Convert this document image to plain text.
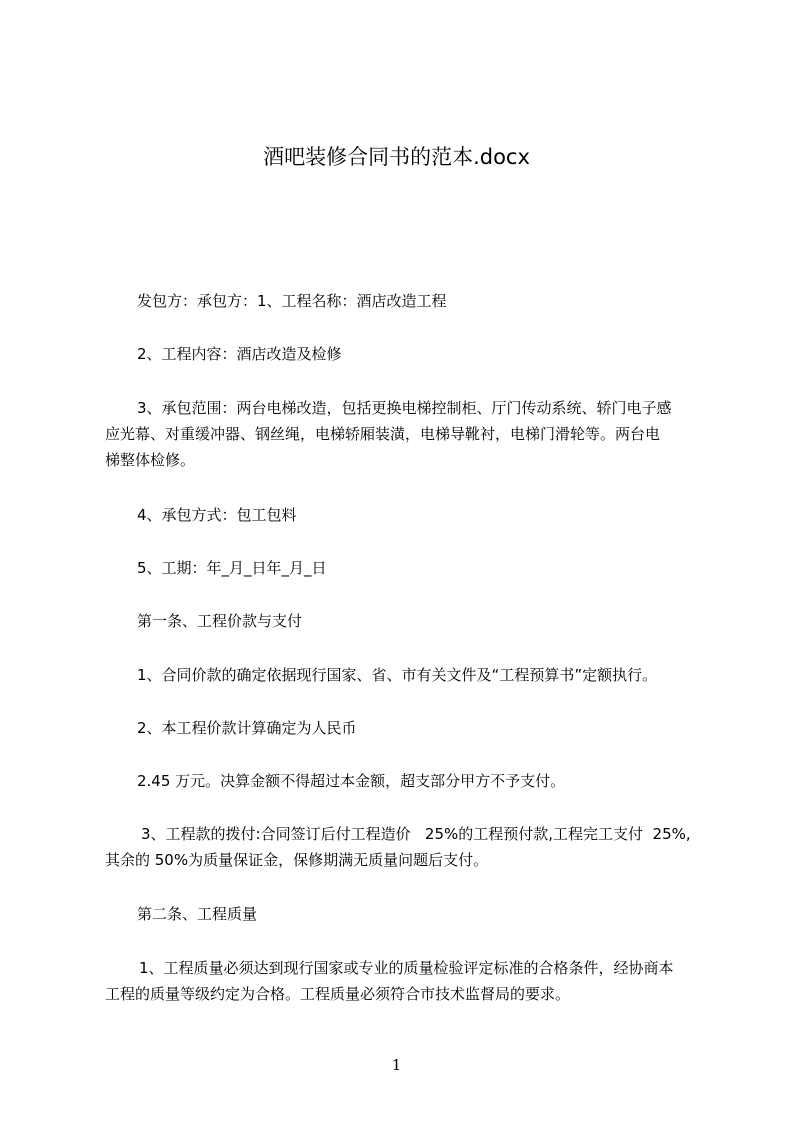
酒吧装修合同书的范本.docx
发包方：承包方：1、工程名称：酒店改造工程
2、工程内容：酒店改造及检修
3、承包范围：两台电梯改造，包括更换电梯控制柜、厅门传动系统、轿门电子感
应光幕、对重缓冲器、钢丝绳，电梯轿厢装潢，电梯导靴衬，电梯门滑轮等。两台电
梯整体检修。
4、承包方式：包工包料
5、工期：年_月_日年_月_日
第一条、工程价款与支付
1、合同价款的确定依据现行国家、省、市有关文件及“工程预算书”定额执行。
2、本工程价款计算确定为人民币
2.45 万元。决算金额不得超过本金额，超支部分甲方不予支付。
3、工程款的拨付:合同签订后付工程造价   25%的工程预付款,工程完工支付  25%,
其余的 50%为质量保证金，保修期满无质量问题后支付。
第二条、工程质量
1、工程质量必须达到现行国家或专业的质量检验评定标准的合格条件，经协商本
工程的质量等级约定为合格。工程质量必须符合市技术监督局的要求。
1
